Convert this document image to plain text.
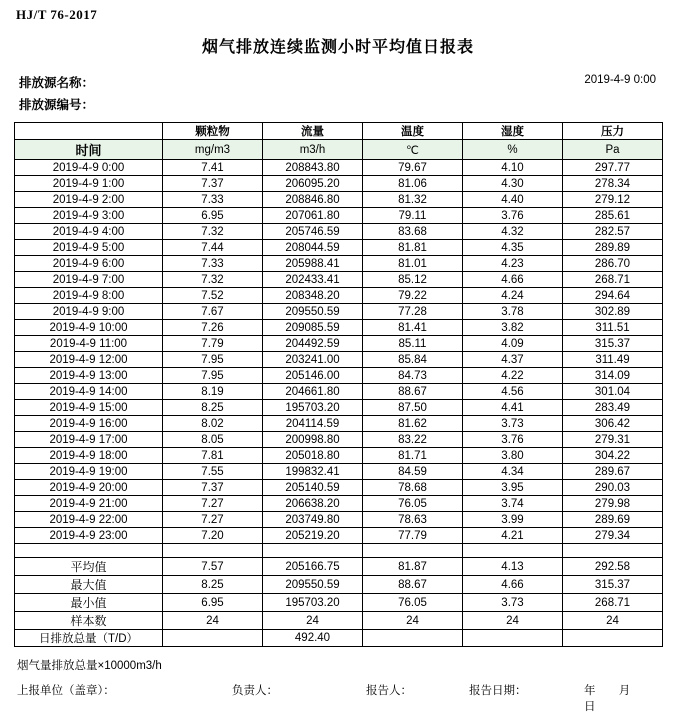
HJ/T 76-2017
烟气排放连续监测小时平均值日报表
排放源名称：	2019-4-9 0:00
排放源编号：
	颗粒物	流量	温度	湿度	压力
时间	mg/m3	m3/h	℃	%	Pa
2019-4-9 0:00	7.41	208843.80	79.67	4.10	297.77
2019-4-9 1:00	7.37	206095.20	81.06	4.30	278.34
2019-4-9 2:00	7.33	208846.80	81.32	4.40	279.12
2019-4-9 3:00	6.95	207061.80	79.11	3.76	285.61
2019-4-9 4:00	7.32	205746.59	83.68	4.32	282.57
2019-4-9 5:00	7.44	208044.59	81.81	4.35	289.89
2019-4-9 6:00	7.33	205988.41	81.01	4.23	286.70
2019-4-9 7:00	7.32	202433.41	85.12	4.66	268.71
2019-4-9 8:00	7.52	208348.20	79.22	4.24	294.64
2019-4-9 9:00	7.67	209550.59	77.28	3.78	302.89
2019-4-9 10:00	7.26	209085.59	81.41	3.82	311.51
2019-4-9 11:00	7.79	204492.59	85.11	4.09	315.37
2019-4-9 12:00	7.95	203241.00	85.84	4.37	311.49
2019-4-9 13:00	7.95	205146.00	84.73	4.22	314.09
2019-4-9 14:00	8.19	204661.80	88.67	4.56	301.04
2019-4-9 15:00	8.25	195703.20	87.50	4.41	283.49
2019-4-9 16:00	8.02	204114.59	81.62	3.73	306.42
2019-4-9 17:00	8.05	200998.80	83.22	3.76	279.31
2019-4-9 18:00	7.81	205018.80	81.71	3.80	304.22
2019-4-9 19:00	7.55	199832.41	84.59	4.34	289.67
2019-4-9 20:00	7.37	205140.59	78.68	3.95	290.03
2019-4-9 21:00	7.27	206638.20	76.05	3.74	279.98
2019-4-9 22:00	7.27	203749.80	78.63	3.99	289.69
2019-4-9 23:00	7.20	205219.20	77.79	4.21	279.34

平均值	7.57	205166.75	81.87	4.13	292.58
最大值	8.25	209550.59	88.67	4.66	315.37
最小值	6.95	195703.20	76.05	3.73	268.71
样本数	24	24	24	24	24
日排放总量（T/D）		492.40			
烟气量排放总量×10000m3/h
上报单位（盖章）：	负责人：	报告人：	报告日期：	年 月 日
